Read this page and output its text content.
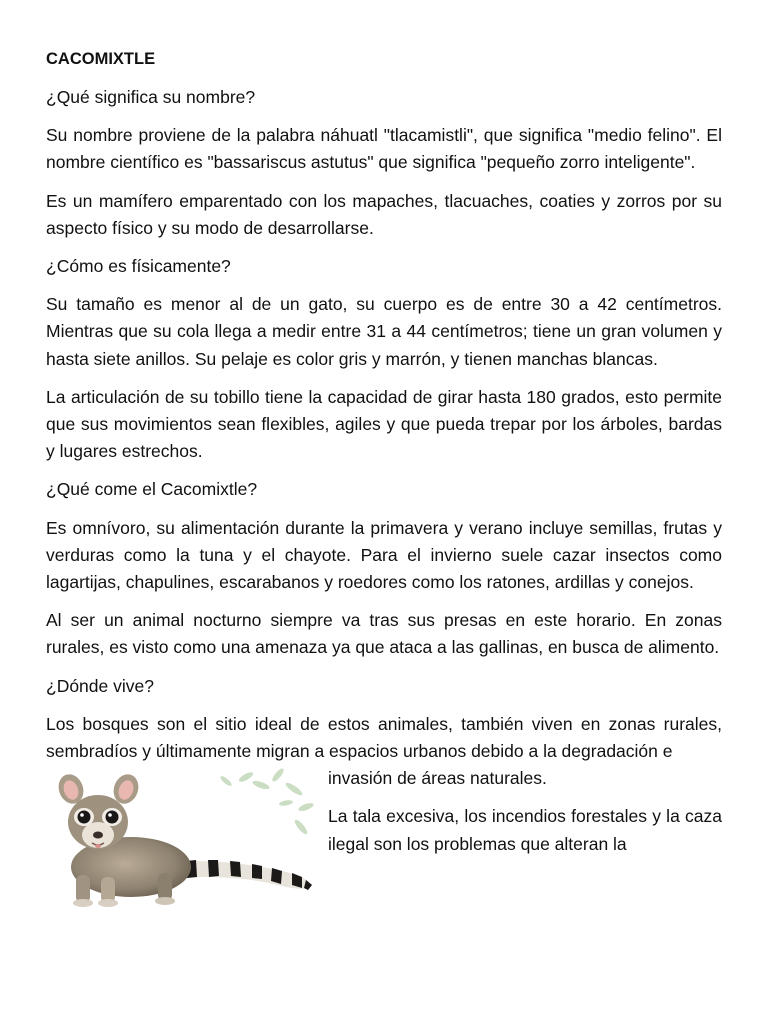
CACOMIXTLE

¿Qué significa su nombre?

Su nombre proviene de la palabra náhuatl "tlacamistli", que significa "medio felino". El nombre científico es "bassariscus astutus" que significa "pequeño zorro inteligente".

Es un mamífero emparentado con los mapaches, tlacuaches, coaties y zorros por su aspecto físico y su modo de desarrollarse.

¿Cómo es físicamente?

Su tamaño es menor al de un gato, su cuerpo es de entre 30 a 42 centímetros. Mientras que su cola llega a medir entre 31 a 44 centímetros; tiene un gran volumen y hasta siete anillos. Su pelaje es color gris y marrón, y tienen manchas blancas.

La articulación de su tobillo tiene la capacidad de girar hasta 180 grados, esto permite que sus movimientos sean flexibles, agiles y que pueda trepar por los árboles, bardas y lugares estrechos.

¿Qué come el Cacomixtle?

Es omnívoro, su alimentación durante la primavera y verano incluye semillas, frutas y verduras como la tuna y el chayote. Para el invierno suele cazar insectos como lagartijas, chapulines, escarabanos y roedores como los ratones, ardillas y conejos.

Al ser un animal nocturno siempre va tras sus presas en este horario. En zonas rurales, es visto como una amenaza ya que ataca a las gallinas, en busca de alimento.

¿Dónde vive?

Los bosques son el sitio ideal de estos animales, también viven en zonas rurales, sembradíos y últimamente migran a espacios urbanos debido a la degradación e

invasión de áreas naturales.

La tala excesiva, los incendios forestales y la caza ilegal son los problemas que alteran la
